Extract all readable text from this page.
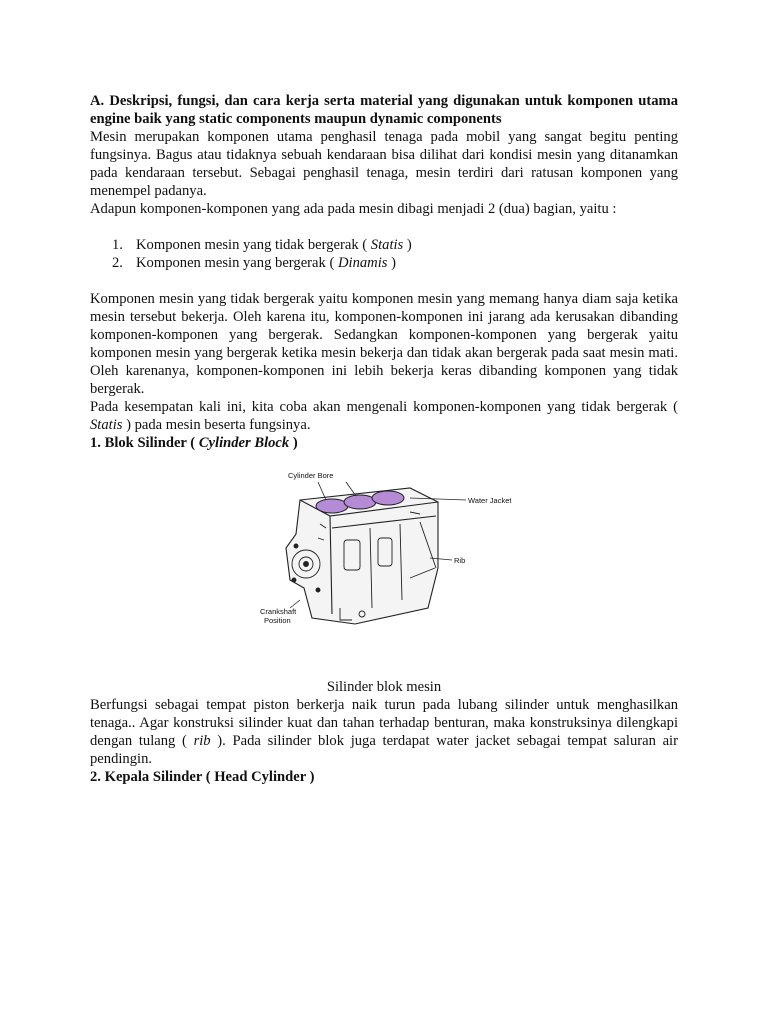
A. Deskripsi, fungsi, dan cara kerja serta material yang digunakan untuk komponen utama engine baik yang static components maupun dynamic components

Mesin merupakan komponen utama penghasil tenaga pada mobil yang sangat begitu penting fungsinya. Bagus atau tidaknya sebuah kendaraan bisa dilihat dari kondisi mesin yang ditanamkan pada kendaraan tersebut. Sebagai penghasil tenaga, mesin terdiri dari ratusan komponen yang menempel padanya.

Adapun komponen-komponen yang ada pada mesin dibagi menjadi 2 (dua) bagian, yaitu :

1. Komponen mesin yang tidak bergerak ( Statis )
2. Komponen mesin yang bergerak ( Dinamis )

Komponen mesin yang tidak bergerak yaitu komponen mesin yang memang hanya diam saja ketika mesin tersebut bekerja. Oleh karena itu, komponen-komponen ini jarang ada kerusakan dibanding komponen-komponen yang bergerak. Sedangkan komponen-komponen yang bergerak yaitu komponen mesin yang bergerak ketika mesin bekerja dan tidak akan bergerak pada saat mesin mati. Oleh karenanya, komponen-komponen ini lebih bekerja keras dibanding komponen yang tidak bergerak.

Pada kesempatan kali ini, kita coba akan mengenali komponen-komponen yang tidak bergerak ( Statis ) pada mesin beserta fungsinya.

1. Blok Silinder ( Cylinder Block )

Cylinder Bore
Water Jacket
Rib
Crankshaft
Position

Silinder blok mesin

Berfungsi sebagai tempat piston berkerja naik turun pada lubang silinder untuk menghasilkan tenaga.. Agar konstruksi silinder kuat dan tahan terhadap benturan, maka konstruksinya dilengkapi dengan tulang ( rib ). Pada silinder blok juga terdapat water jacket sebagai tempat saluran air pendingin.

2. Kepala Silinder ( Head Cylinder )
